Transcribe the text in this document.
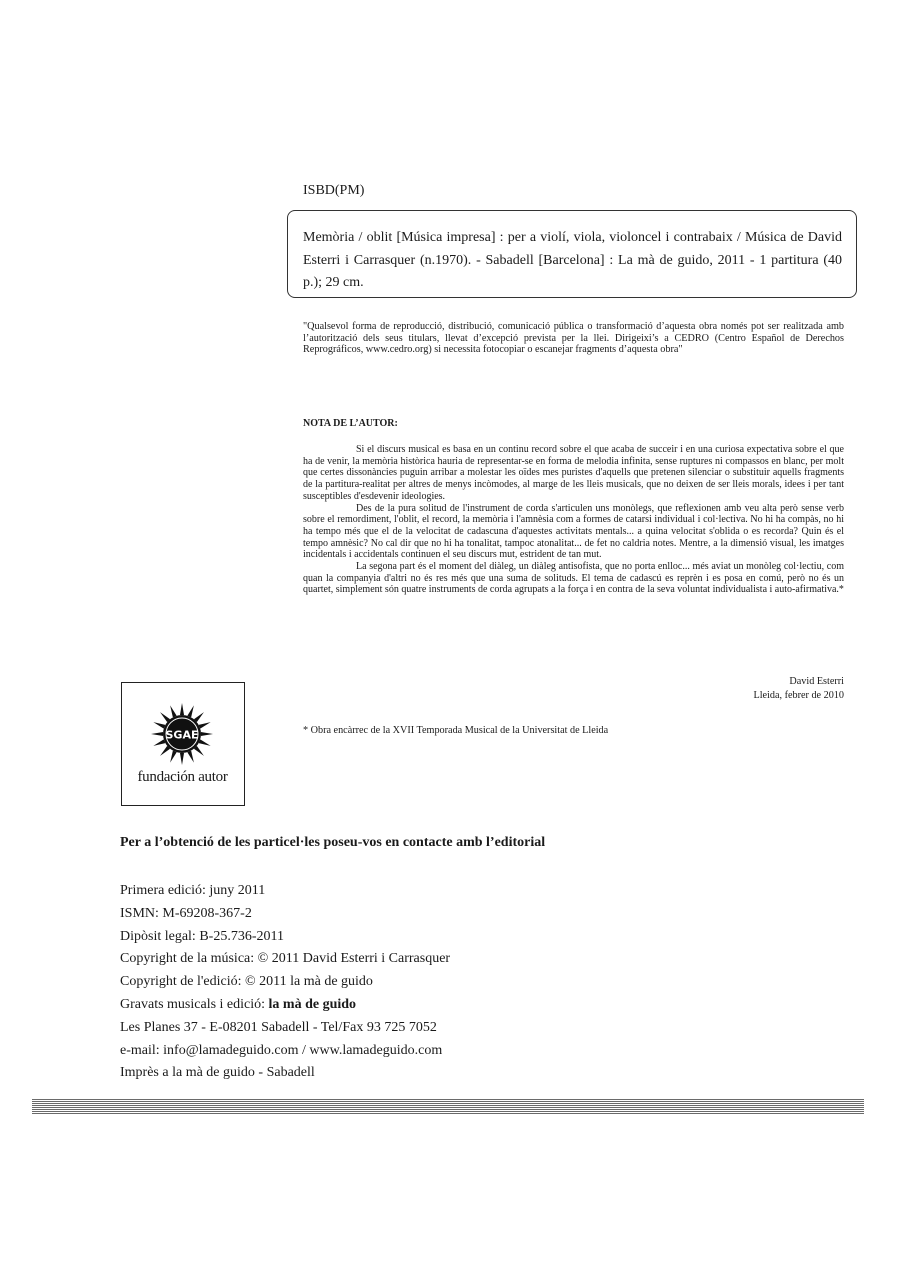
ISBD(PM)
Memòria / oblit [Música impresa] : per a violí, viola, violoncel i contrabaix / Música de David Esterri i Carrasquer (n.1970). - Sabadell [Barcelona] : La mà de guido, 2011 - 1 partitura (40 p.); 29 cm.
"Qualsevol forma de reproducció, distribució, comunicació pública o transformació d’aquesta obra només pot ser realitzada amb l’autorització dels seus titulars, llevat d’excepció prevista per la llei. Dirigeixi’s a CEDRO (Centro Español de Derechos Reprográficos, www.cedro.org) si necessita fotocopiar o escanejar fragments d’aquesta obra"
NOTA DE L’AUTOR:

Si el discurs musical es basa en un continu record sobre el que acaba de succeir i en una curiosa expectativa sobre el que ha de venir, la memòria històrica hauria de representar-se en forma de melodia infinita, sense ruptures ni compassos en blanc, per molt que certes dissonàncies puguin arribar a molestar les oïdes mes puristes d'aquells que pretenen silenciar o substituir aquells fragments de la partitura-realitat per altres de menys incòmodes, al marge de les lleis musicals, que no deixen de ser lleis morals, idees i per tant susceptibles d'esdevenir ideologies.

Des de la pura solitud de l'instrument de corda s'articulen uns monòlegs, que reflexionen amb veu alta però sense verb sobre el remordiment, l'oblit, el record, la memòria i l'amnèsia com a formes de catarsi individual i col·lectiva. No hi ha compàs, no hi ha tempo més que el de la velocitat de cadascuna d'aquestes activitats mentals... a quina velocitat s'oblida o es recorda? Quin és el tempo amnèsic? No cal dir que no hi ha tonalitat, tampoc atonalitat... de fet no caldria notes. Mentre, a la dimensió visual, les imatges incidentals i accidentals continuen el seu discurs mut, estrident de tan mut.

La segona part és el moment del diàleg, un diàleg antisofista, que no porta enlloc... més aviat un monòleg col·lectiu, com quan la companyia d'altri no és res més que una suma de solituds. El tema de cadascú es reprèn i es posa en comú, però no és un quartet, simplement són quatre instruments de corda agrupats a la força i en contra de la seva voluntat individualista i auto-afirmativa.*

David Esterri
Lleida, febrer de 2010
* Obra encàrrec de la XVII Temporada Musical de la Universitat de Lleida
SGAE
fundación autor
Per a l’obtenció de les particel·les poseu-vos en contacte amb l’editorial
Primera edició: juny 2011
ISMN: M-69208-367-2
Dipòsit legal: B-25.736-2011
Copyright de la música: © 2011 David Esterri i Carrasquer
Copyright de l'edició: © 2011 la mà de guido
Gravats musicals i edició: la mà de guido
Les Planes 37 - E-08201 Sabadell - Tel/Fax 93 725 7052
e-mail: info@lamadeguido.com / www.lamadeguido.com
Imprès a la mà de guido - Sabadell
